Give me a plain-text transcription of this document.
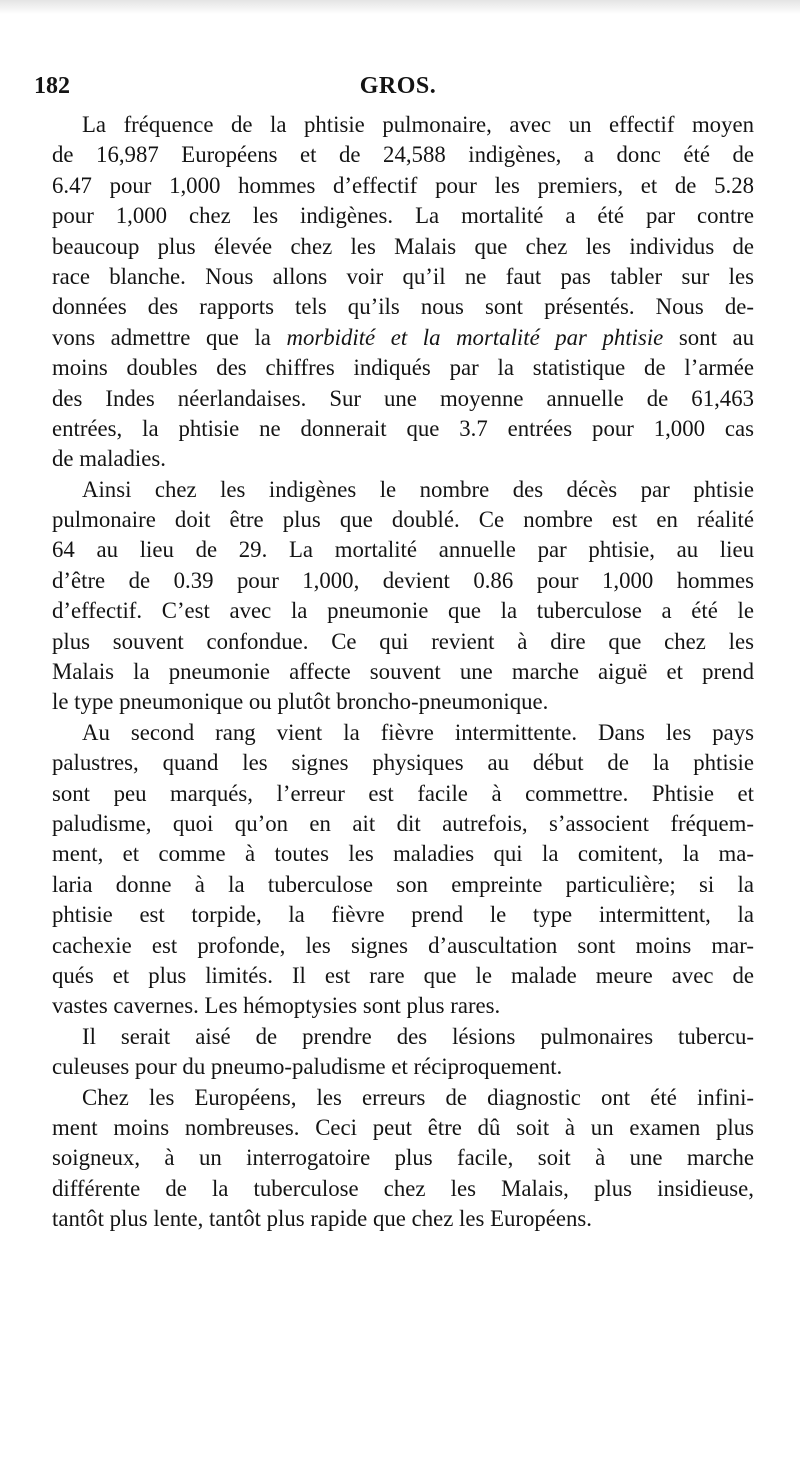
GROS.
182
La fréquence de la phtisie pulmonaire, avec un effectif moyen
de 16,987 Européens et de 24,588 indigènes, a donc été de
6.47 pour 1,000 hommes d’effectif pour les premiers, et de 5.28
pour 1,000 chez les indigènes. La mortalité a été par contre
beaucoup plus élevée chez les Malais que chez les individus de
race blanche. Nous allons voir qu’il ne faut pas tabler sur les
données des rapports tels qu’ils nous sont présentés. Nous de-
vons admettre que la morbidité et la mortalité par phtisie sont au
moins doubles des chiffres indiqués par la statistique de l’armée
des Indes néerlandaises. Sur une moyenne annuelle de 61,463
entrées, la phtisie ne donnerait que 3.7 entrées pour 1,000 cas
de maladies.
Ainsi chez les indigènes le nombre des décès par phtisie
pulmonaire doit être plus que doublé. Ce nombre est en réalité
64 au lieu de 29. La mortalité annuelle par phtisie, au lieu
d’être de 0.39 pour 1,000, devient 0.86 pour 1,000 hommes
d’effectif. C’est avec la pneumonie que la tuberculose a été le
plus souvent confondue. Ce qui revient à dire que chez les
Malais la pneumonie affecte souvent une marche aiguë et prend
le type pneumonique ou plutôt broncho-pneumonique.
Au second rang vient la fièvre intermittente. Dans les pays
palustres, quand les signes physiques au début de la phtisie
sont peu marqués, l’erreur est facile à commettre. Phtisie et
paludisme, quoi qu’on en ait dit autrefois, s’associent fréquem-
ment, et comme à toutes les maladies qui la comitent, la ma-
laria donne à la tuberculose son empreinte particulière; si la
phtisie est torpide, la fièvre prend le type intermittent, la
cachexie est profonde, les signes d’auscultation sont moins mar-
qués et plus limités. Il est rare que le malade meure avec de
vastes cavernes. Les hémoptysies sont plus rares.
Il serait aisé de prendre des lésions pulmonaires tubercu-
culeuses pour du pneumo-paludisme et réciproquement.
Chez les Européens, les erreurs de diagnostic ont été infini-
ment moins nombreuses. Ceci peut être dû soit à un examen plus
soigneux, à un interrogatoire plus facile, soit à une marche
différente de la tuberculose chez les Malais, plus insidieuse,
tantôt plus lente, tantôt plus rapide que chez les Européens.
